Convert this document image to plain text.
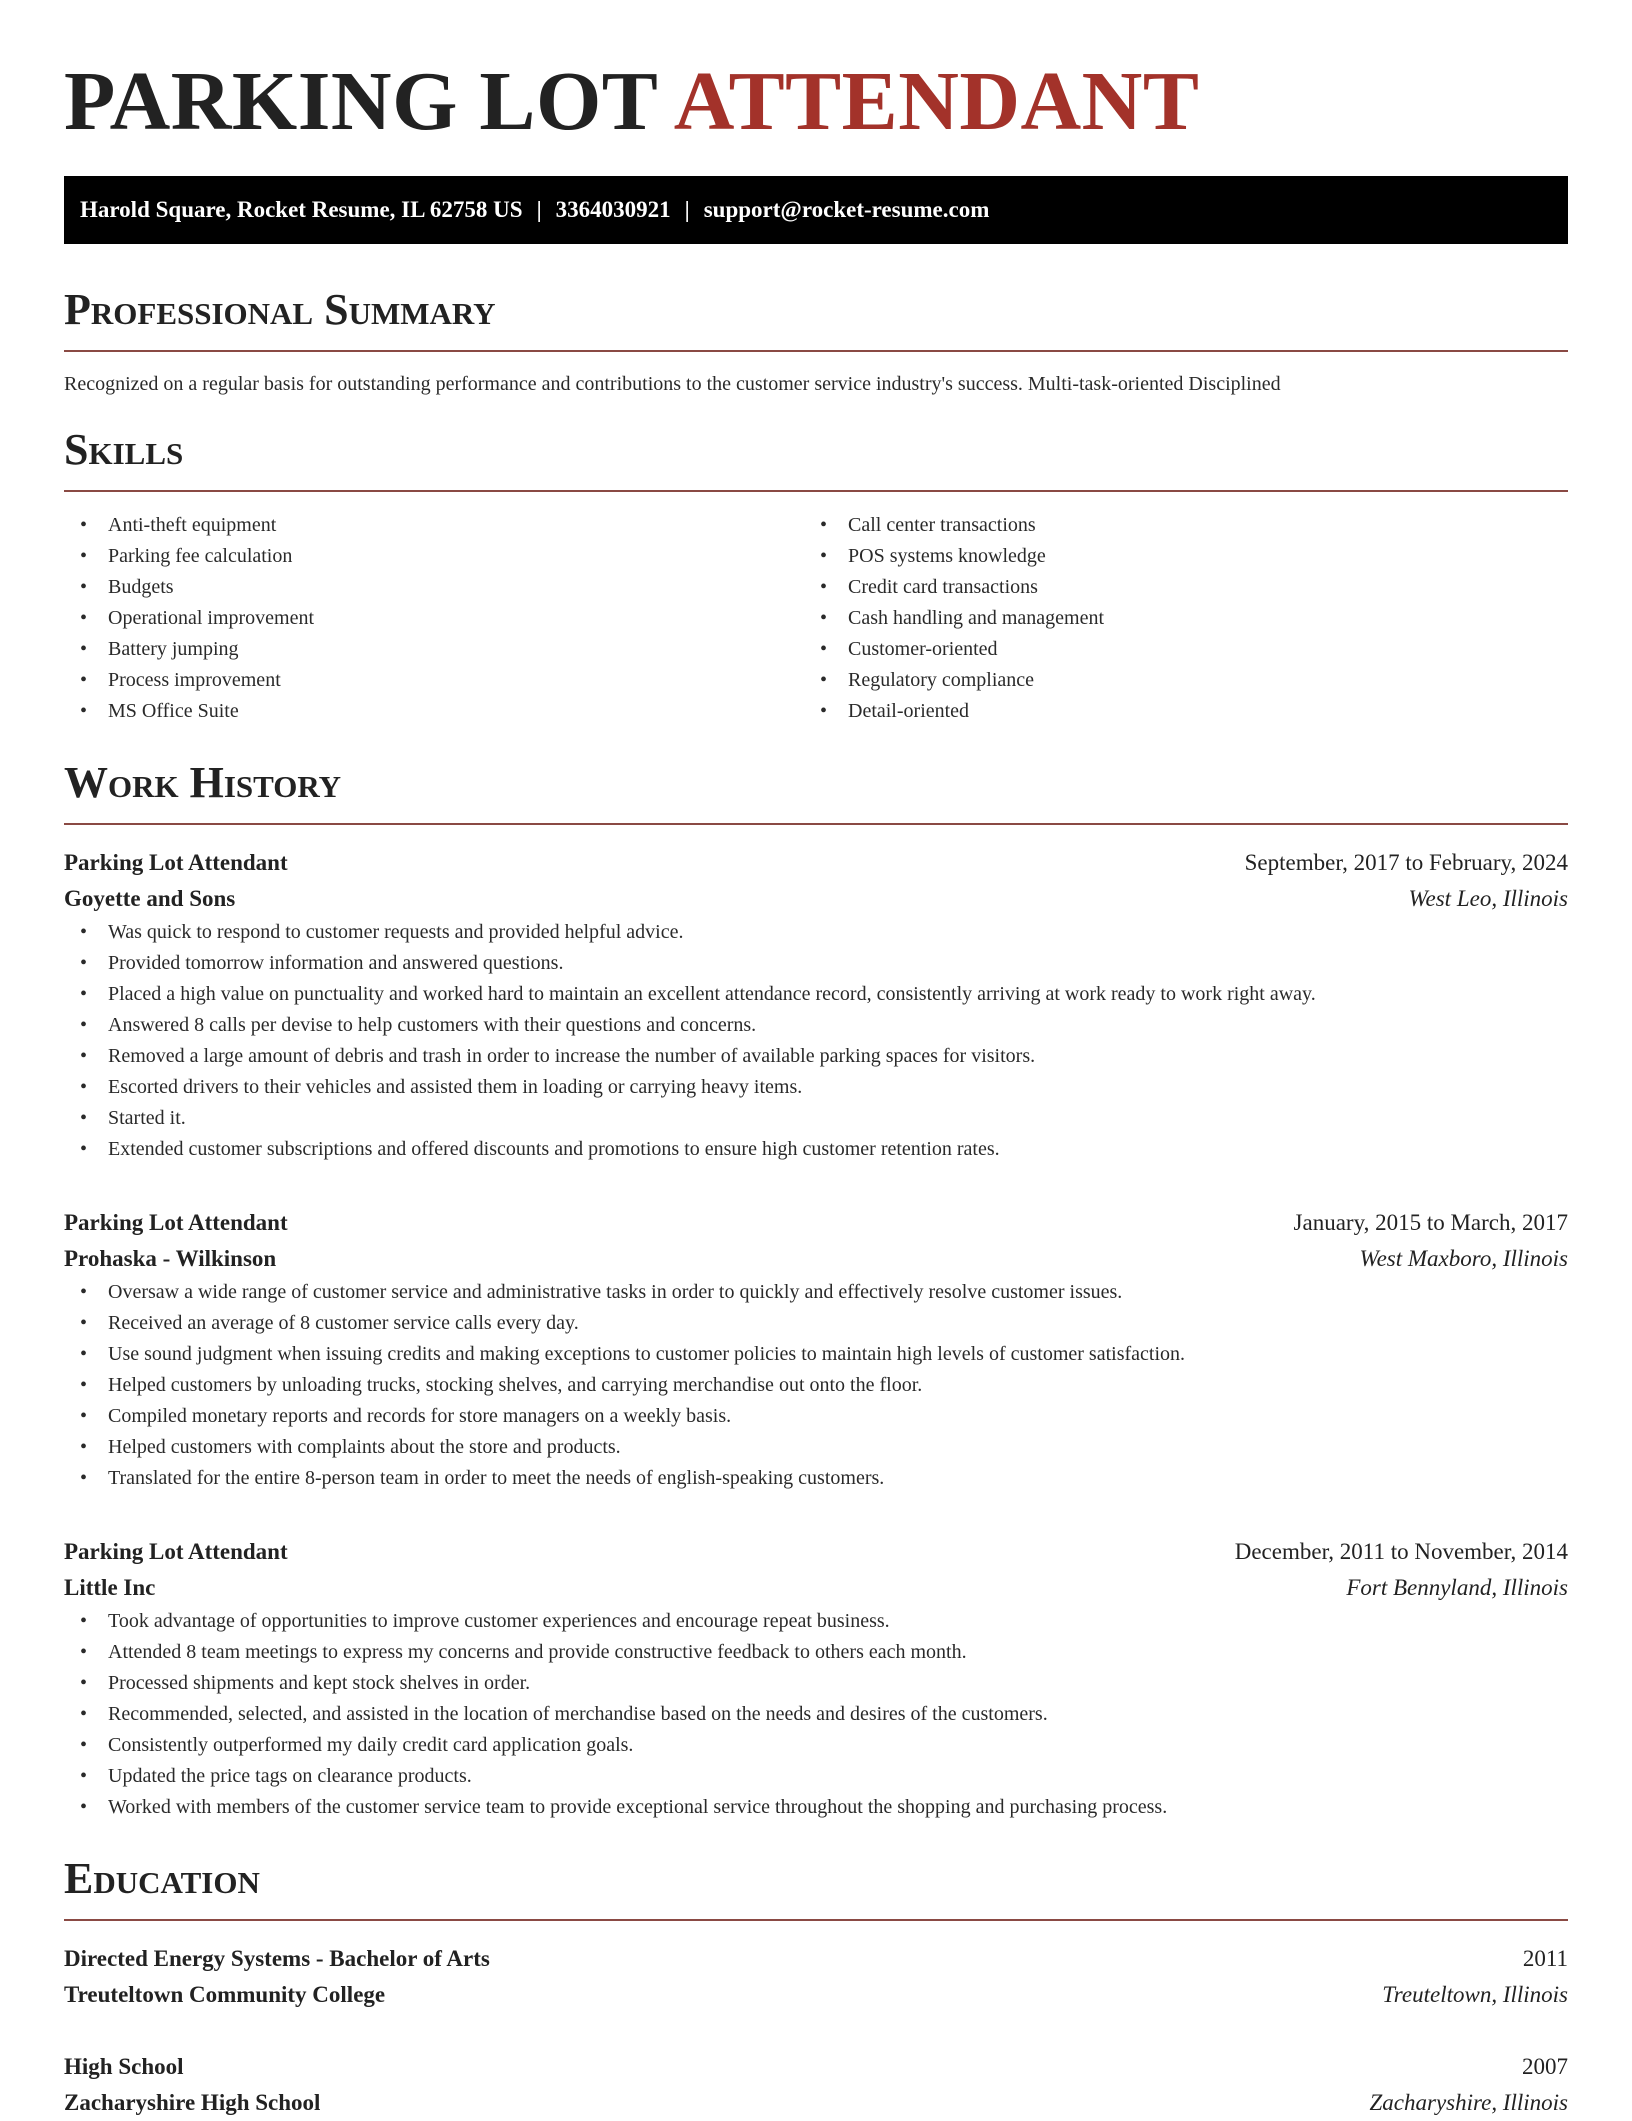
PARKING LOT ATTENDANT
Harold Square, Rocket Resume, IL 62758 US | 3364030921 | support@rocket-resume.com
Professional Summary
Recognized on a regular basis for outstanding performance and contributions to the customer service industry's success. Multi-task-oriented Disciplined
Skills
• Anti-theft equipment
• Parking fee calculation
• Budgets
• Operational improvement
• Battery jumping
• Process improvement
• MS Office Suite
• Call center transactions
• POS systems knowledge
• Credit card transactions
• Cash handling and management
• Customer-oriented
• Regulatory compliance
• Detail-oriented
Work History
Parking Lot Attendant	September, 2017 to February, 2024
Goyette and Sons	West Leo, Illinois
• Was quick to respond to customer requests and provided helpful advice.
• Provided tomorrow information and answered questions.
• Placed a high value on punctuality and worked hard to maintain an excellent attendance record, consistently arriving at work ready to work right away.
• Answered 8 calls per devise to help customers with their questions and concerns.
• Removed a large amount of debris and trash in order to increase the number of available parking spaces for visitors.
• Escorted drivers to their vehicles and assisted them in loading or carrying heavy items.
• Started it.
• Extended customer subscriptions and offered discounts and promotions to ensure high customer retention rates.
Parking Lot Attendant	January, 2015 to March, 2017
Prohaska - Wilkinson	West Maxboro, Illinois
• Oversaw a wide range of customer service and administrative tasks in order to quickly and effectively resolve customer issues.
• Received an average of 8 customer service calls every day.
• Use sound judgment when issuing credits and making exceptions to customer policies to maintain high levels of customer satisfaction.
• Helped customers by unloading trucks, stocking shelves, and carrying merchandise out onto the floor.
• Compiled monetary reports and records for store managers on a weekly basis.
• Helped customers with complaints about the store and products.
• Translated for the entire 8-person team in order to meet the needs of english-speaking customers.
Parking Lot Attendant	December, 2011 to November, 2014
Little Inc	Fort Bennyland, Illinois
• Took advantage of opportunities to improve customer experiences and encourage repeat business.
• Attended 8 team meetings to express my concerns and provide constructive feedback to others each month.
• Processed shipments and kept stock shelves in order.
• Recommended, selected, and assisted in the location of merchandise based on the needs and desires of the customers.
• Consistently outperformed my daily credit card application goals.
• Updated the price tags on clearance products.
• Worked with members of the customer service team to provide exceptional service throughout the shopping and purchasing process.
Education
Directed Energy Systems - Bachelor of Arts	2011
Treuteltown Community College	Treuteltown, Illinois
High School	2007
Zacharyshire High School	Zacharyshire, Illinois
